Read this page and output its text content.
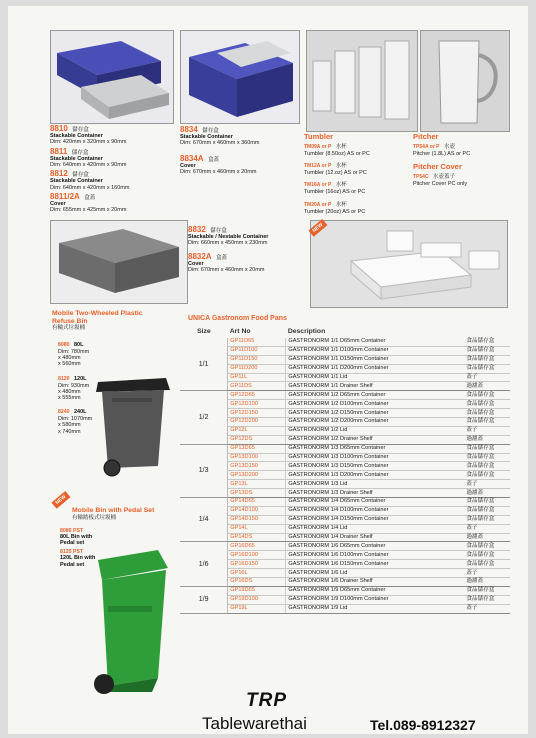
8810 儲存盒
Stackable Container
Dim: 420mm x 320mm x 90mm
8811 儲存盒
Stackable Container
Dim: 640mm x 420mm x 90mm
8812 儲存盒
Stackable Container
Dim: 640mm x 420mm x 160mm
8811/2A 盒蓋
Cover
Dim: 655mm x 425mm x 20mm
8834 儲存盒
Stackable Container
Dim: 670mm x 460mm x 360mm
8834A 盒蓋
Cover
Dim: 670mm x 460mm x 20mm
Tumbler
TM09A or P 水杯
Tumbler (8.50oz) AS or PC
TM12A or P 水杯
Tumbler (12.oz) AS or PC
TM16A or P 水杯
Tumbler (16oz) AS or PC
TM20A or P 水杯
Tumbler (20oz) AS or PC
Pitcher
TP54A or P 水壺
Pitcher (1.8L) AS or PC
Pitcher Cover
TP54C 水壺蓋子
Pitcher Cover PC only
8832 儲存盒
Stackable / Nestable Container
Dim: 660mm x 450mm x 230mm
8832A 盒蓋
Cover
Dim: 670mm x 460mm x 20mm
NEW
Mobile Two-Wheeled Plastic
Refuse Bin
有輪式垃圾桶
8080 80L
Dim: 780mm
x 480mm
x 560mm
8120 120L
Dim: 930mm
x 480mm
x 555mm
8240 240L
Dim: 1070mm
x 580mm
x 740mm
NEW
Mobile Bin with Pedal Set
有輪踏板式垃圾桶
8080 PST
80L Bin with
Pedal set
8120 PST
120L Bin with
Pedal set
UNICA Gastronom Food Pans
Size	Art No	Description	
1/1	GP11D65	GASTRONORM 1/1 D65mm Container	食品儲存盒
	GP11D100	GASTRONORM 1/1 D100mm Container	食品儲存盒
	GP11D150	GASTRONORM 1/1 D150mm Container	食品儲存盒
	GP11D200	GASTRONORM 1/1 D200mm Container	食品儲存盒
	GP11L	GASTRONORM 1/1 Lid	蓋子
	GP11DS	GASTRONORM 1/1 Drainer Shelf	過濾蓋
1/2	GP12D65	GASTRONORM 1/2 D65mm Container	食品儲存盒
	GP12D100	GASTRONORM 1/2 D100mm Container	食品儲存盒
	GP12D150	GASTRONORM 1/2 D150mm Container	食品儲存盒
	GP12D200	GASTRONORM 1/2 D200mm Container	食品儲存盒
	GP12L	GASTRONORM 1/2 Lid	蓋子
	GP12DS	GASTRONORM 1/2 Drainer Shelf	過濾蓋
1/3	GP13D65	GASTRONORM 1/3 D65mm Container	食品儲存盒
	GP13D100	GASTRONORM 1/3 D100mm Container	食品儲存盒
	GP13D150	GASTRONORM 1/3 D150mm Container	食品儲存盒
	GP13D200	GASTRONORM 1/3 D200mm Container	食品儲存盒
	GP13L	GASTRONORM 1/3 Lid	蓋子
	GP13DS	GASTRONORM 1/3 Drainer Shelf	過濾蓋
1/4	GP14D65	GASTRONORM 1/4 D65mm Container	食品儲存盒
	GP14D100	GASTRONORM 1/4 D100mm Container	食品儲存盒
	GP14D150	GASTRONORM 1/4 D150mm Container	食品儲存盒
	GP14L	GASTRONORM 1/4 Lid	蓋子
	GP14DS	GASTRONORM 1/4 Drainer Shelf	過濾蓋
1/6	GP16D65	GASTRONORM 1/6 D65mm Container	食品儲存盒
	GP16D100	GASTRONORM 1/6 D100mm Container	食品儲存盒
	GP16D150	GASTRONORM 1/6 D150mm Container	食品儲存盒
	GP16L	GASTRONORM 1/6 Lid	蓋子
	GP16DS	GASTRONORM 1/6 Drainer Shelf	過濾蓋
1/9	GP19D65	GASTRONORM 1/9 D65mm Container	食品儲存盒
	GP19D100	GASTRONORM 1/9 D100mm Container	食品儲存盒
	GP19L	GASTRONORM 1/9 Lid	蓋子
TRP
Tablewarethai	Tel.089-8912327
